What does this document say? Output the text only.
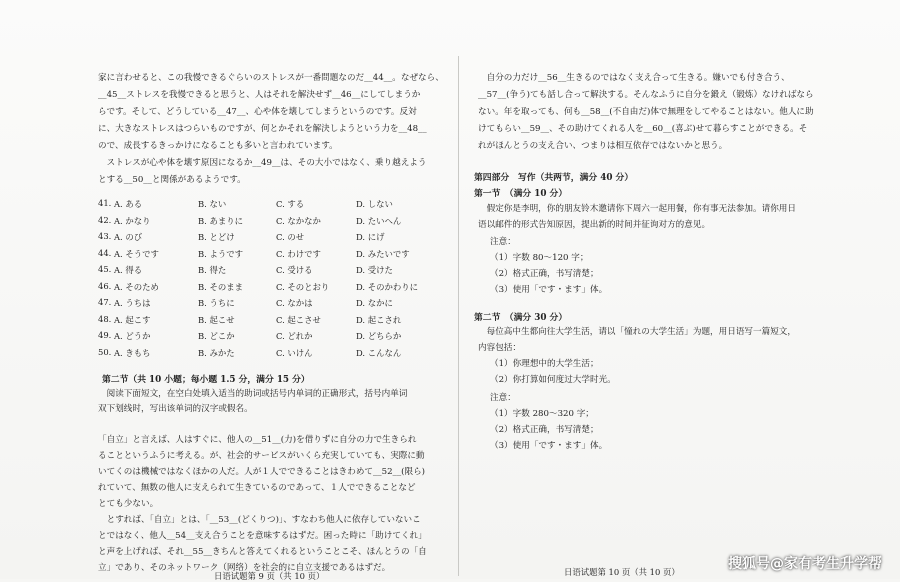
家に言わせると、この我慢できるぐらいのストレスが一番問題なのだ__44__。なぜなら、
__45__ストレスを我慢できると思うと、人はそれを解決せず__46__にしてしまうか
らです。そして、どうしている__47__、心や体を壊してしまうというのです。反対
に、大きなストレスはつらいものですが、何とかそれを解決しようという力を__48__
ので、成長するきっかけになることも多いと言われています。
　ストレスが心や体を壊す原因になるか__49__は、その大小ではなく、乗り越えよう
とする__50__と関係があるようです。
41. A. ある	B. ない	C. する	D. しない
42. A. かなり	B. あまりに	C. なかなか	D. たいへん
43. A. のび	B. とどけ	C. のせ	D. にげ
44. A. そうです	B. ようです	C. わけです	D. みたいです
45. A. 得る	B. 得た	C. 受ける	D. 受けた
46. A. そのため	B. そのまま	C. そのとおり	D. そのかわりに
47. A. うちは	B. うちに	C. なかは	D. なかに
48. A. 起こす	B. 起こせ	C. 起こさせ	D. 起こされ
49. A. どうか	B. どこか	C. どれか	D. どちらか
50. A. きもち	B. みかた	C. いけん	D. こんなん
第二节（共 10 小题；每小题 1.5 分，满分 15 分）
　阅读下面短文，在空白处填入适当的助词或括号内单词的正确形式，括号内单词
双下划线时，写出该单词的汉字或假名。
「自立」と言えば、人はすぐに、他人の__51__(力)を借りずに自分の力で生きられ
ることというふうに考える。が、社会的サービスがいくら充実していても、実際に動
いてくのは機械ではなくほかの人だ。人が１人でできることはきわめて__52__(限ら)
れていて、無数の他人に支えられて生きているのであって、１人でできることなど
とても少ない。
　とすれば、「自立」とは、「__53__(どくりつ)」、すなわち他人に依存していないこ
とではなく、他人__54__支え合うことを意味するはずだ。困った時に「助けてくれ」
と声を上げれば、それ__55__きちんと答えてくれるということこそ、ほんとうの「自
立」であり、そのネットワーク（网络）を社会的に自立支援であるはずだ。
日语试题第 9 页（共 10 页）
　自分の力だけ__56__生きるのではなく支え合って生きる。嫌いでも付き合う、
__57__(争う)ても話し合って解決する。そんなふうに自分を鍛え（锻炼）なければなら
ない。年を取っても、何も__58__(不自由だ)体で無理をしてやることはない。他人に助
けてもらい__59__、その助けてくれる人を__60__(喜ぶ)せて暮らすことができる。そ
れがほんとうの支え合い、つまりは相互依存ではないかと思う。
第四部分　写作（共两节，满分 40 分）
第一节　（满分 10 分）
　假定你是李明，你的朋友铃木邀请你下周六一起用餐，你有事无法参加。请你用日
语以邮件的形式告知原因，提出新的时间并征询对方的意见。
注意：
（1）字数 80～120 字；
（2）格式正确，书写清楚；
（3）使用「です・ます」体。
第二节　（满分 30 分）
　每位高中生都向往大学生活，请以「憧れの大学生活」为题，用日语写一篇短文，
内容包括：
（1）你理想中的大学生活；
（2）你打算如何度过大学时光。
注意：
（1）字数 280～320 字；
（2）格式正确，书写清楚；
（3）使用「です・ます」体。
日语试题第 10 页（共 10 页）	搜狐号@家有考生升学帮
